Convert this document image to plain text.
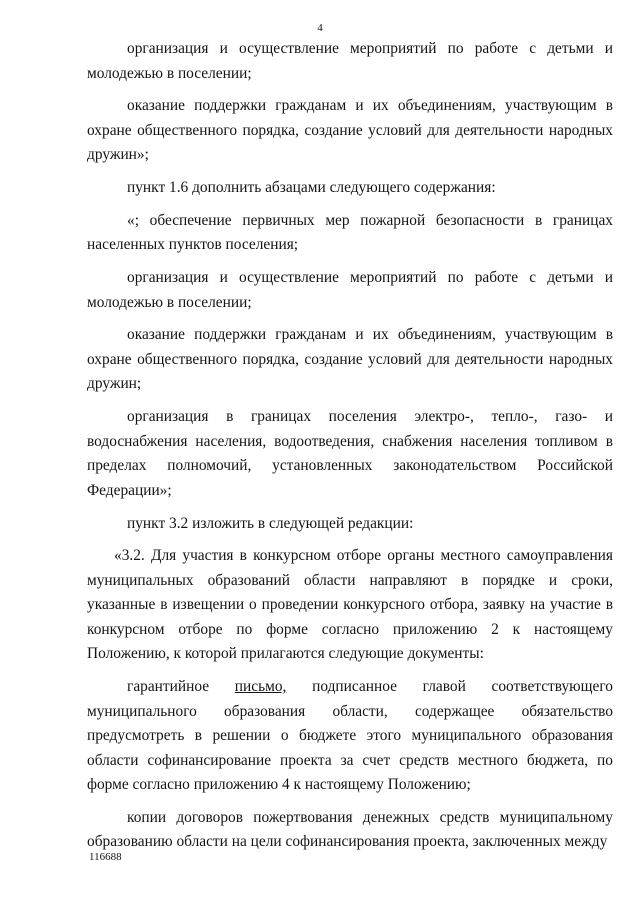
4

организация и осуществление мероприятий по работе с детьми и молодежью в поселении;

оказание поддержки гражданам и их объединениям, участвующим в охране общественного порядка, создание условий для деятельности народных дружин»;

пункт 1.6 дополнить абзацами следующего содержания:

«; обеспечение первичных мер пожарной безопасности в границах населенных пунктов поселения;

организация и осуществление мероприятий по работе с детьми и молодежью в поселении;

оказание поддержки гражданам и их объединениям, участвующим в охране общественного порядка, создание условий для деятельности народных дружин;

организация в границах поселения электро-, тепло-, газо- и водоснабжения населения, водоотведения, снабжения населения топливом в пределах полномочий, установленных законодательством Российской Федерации»;

пункт 3.2 изложить в следующей редакции:

«3.2. Для участия в конкурсном отборе органы местного самоуправления муниципальных образований области направляют в порядке и сроки, указанные в извещении о проведении конкурсного отбора, заявку на участие в конкурсном отборе по форме согласно приложению 2 к настоящему Положению, к которой прилагаются следующие документы:

гарантийное письмо, подписанное главой соответствующего муниципального образования области, содержащее обязательство предусмотреть в решении о бюджете этого муниципального образования области софинансирование проекта за счет средств местного бюджета, по форме согласно приложению 4 к настоящему Положению;

копии договоров пожертвования денежных средств муниципальному образованию области на цели софинансирования проекта, заключенных между

116688
